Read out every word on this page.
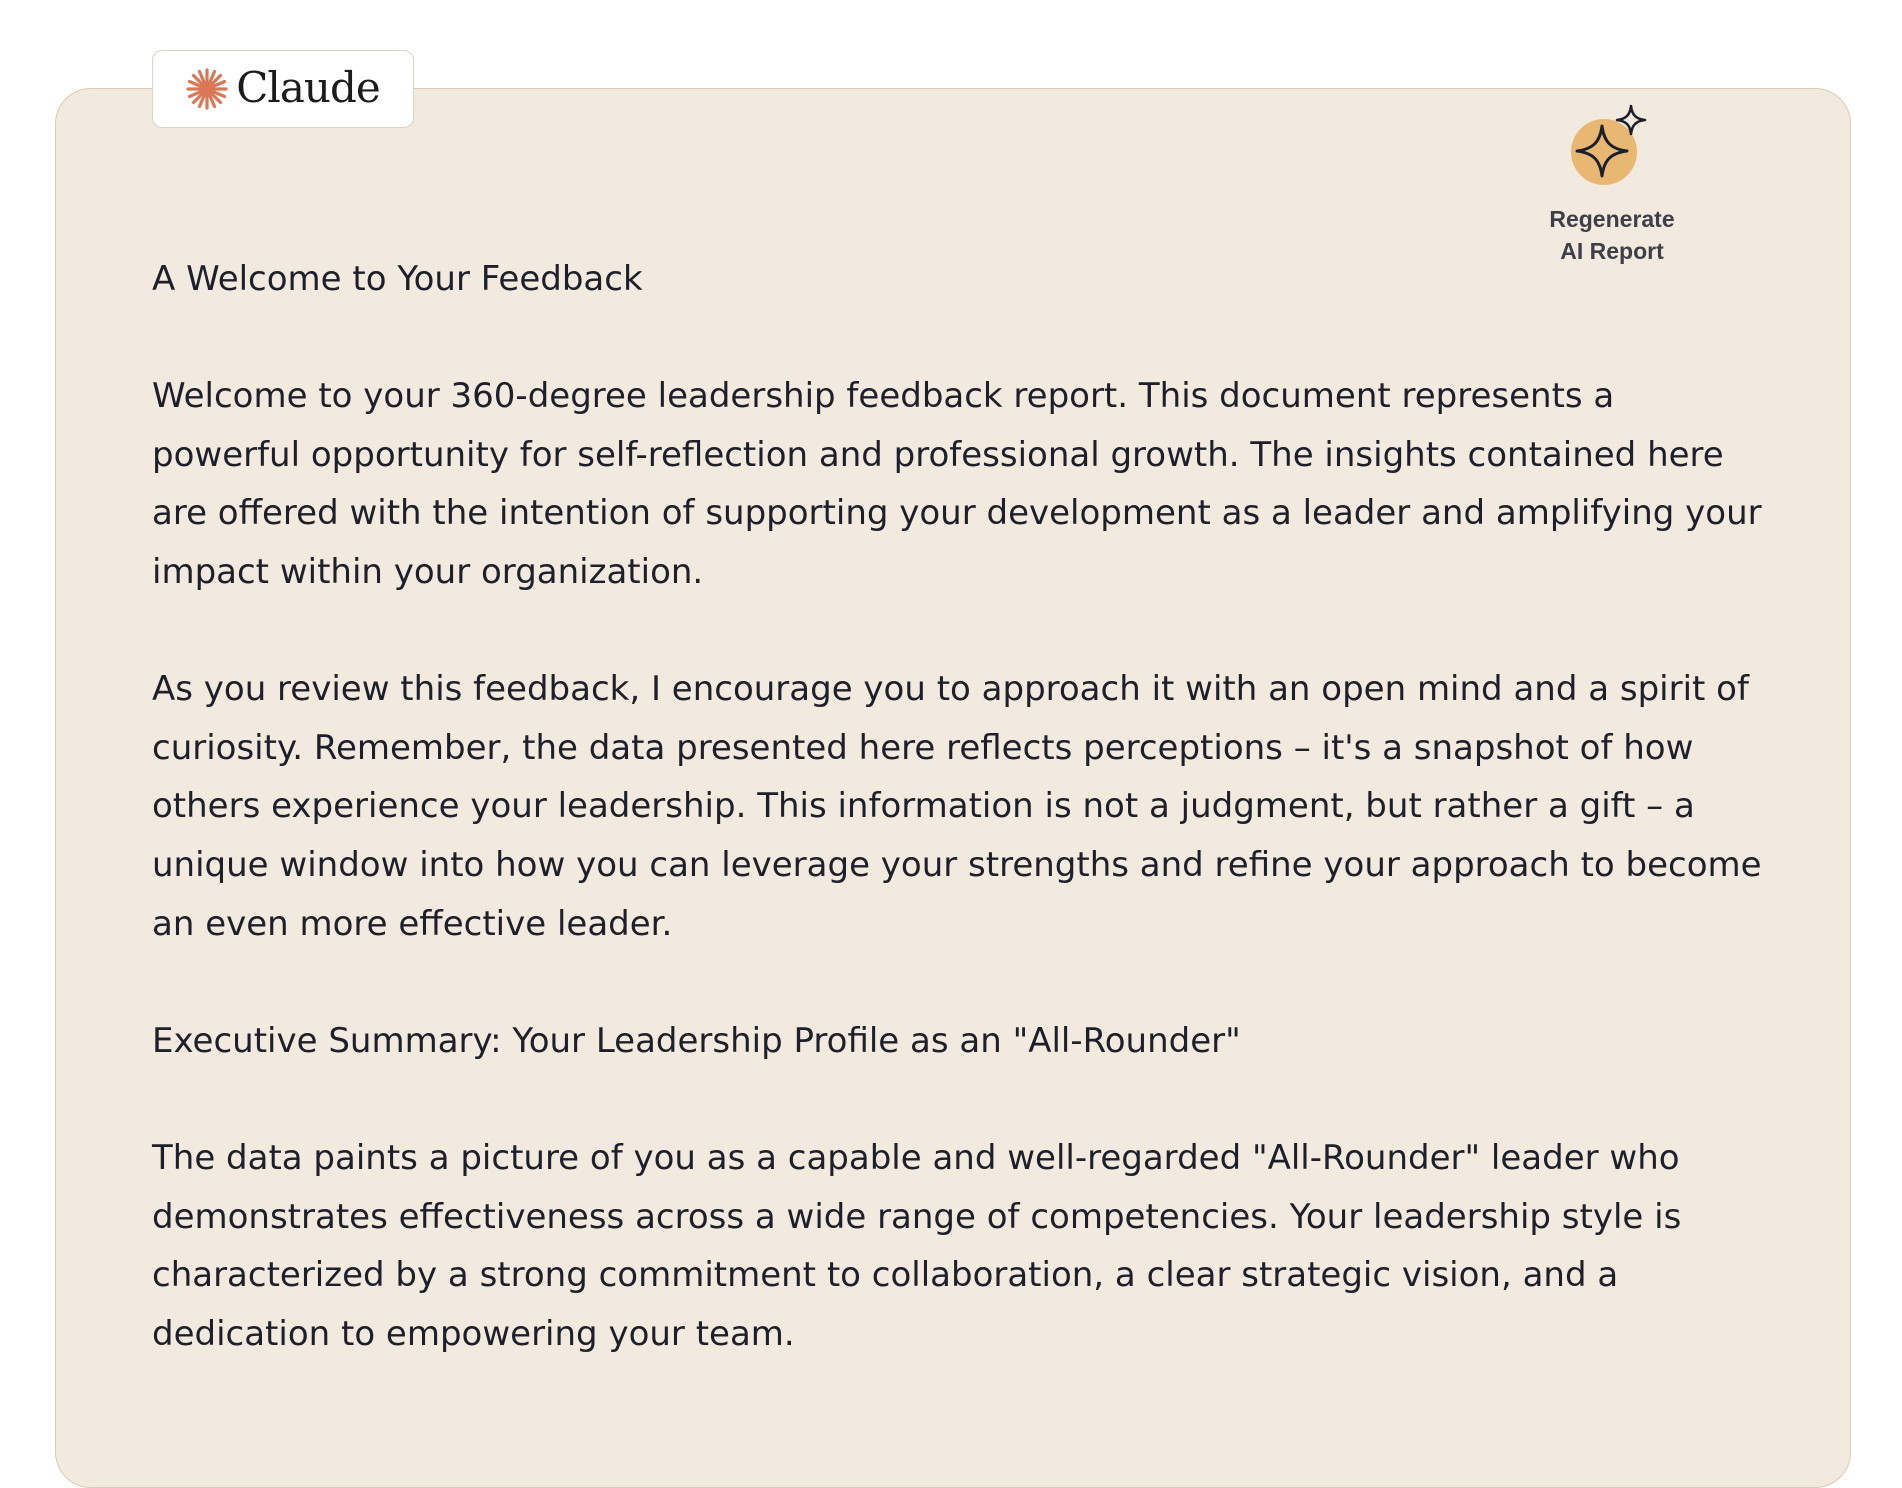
Claude
Regenerate AI Report

A Welcome to Your Feedback

Welcome to your 360-degree leadership feedback report. This document represents a powerful opportunity for self-reflection and professional growth. The insights contained here are offered with the intention of supporting your development as a leader and amplifying your impact within your organization.

As you review this feedback, I encourage you to approach it with an open mind and a spirit of curiosity. Remember, the data presented here reflects perceptions – it's a snapshot of how others experience your leadership. This information is not a judgment, but rather a gift – a unique window into how you can leverage your strengths and refine your approach to become an even more effective leader.

Executive Summary: Your Leadership Profile as an "All-Rounder"

The data paints a picture of you as a capable and well-regarded "All-Rounder" leader who demonstrates effectiveness across a wide range of competencies. Your leadership style is characterized by a strong commitment to collaboration, a clear strategic vision, and a dedication to empowering your team.
